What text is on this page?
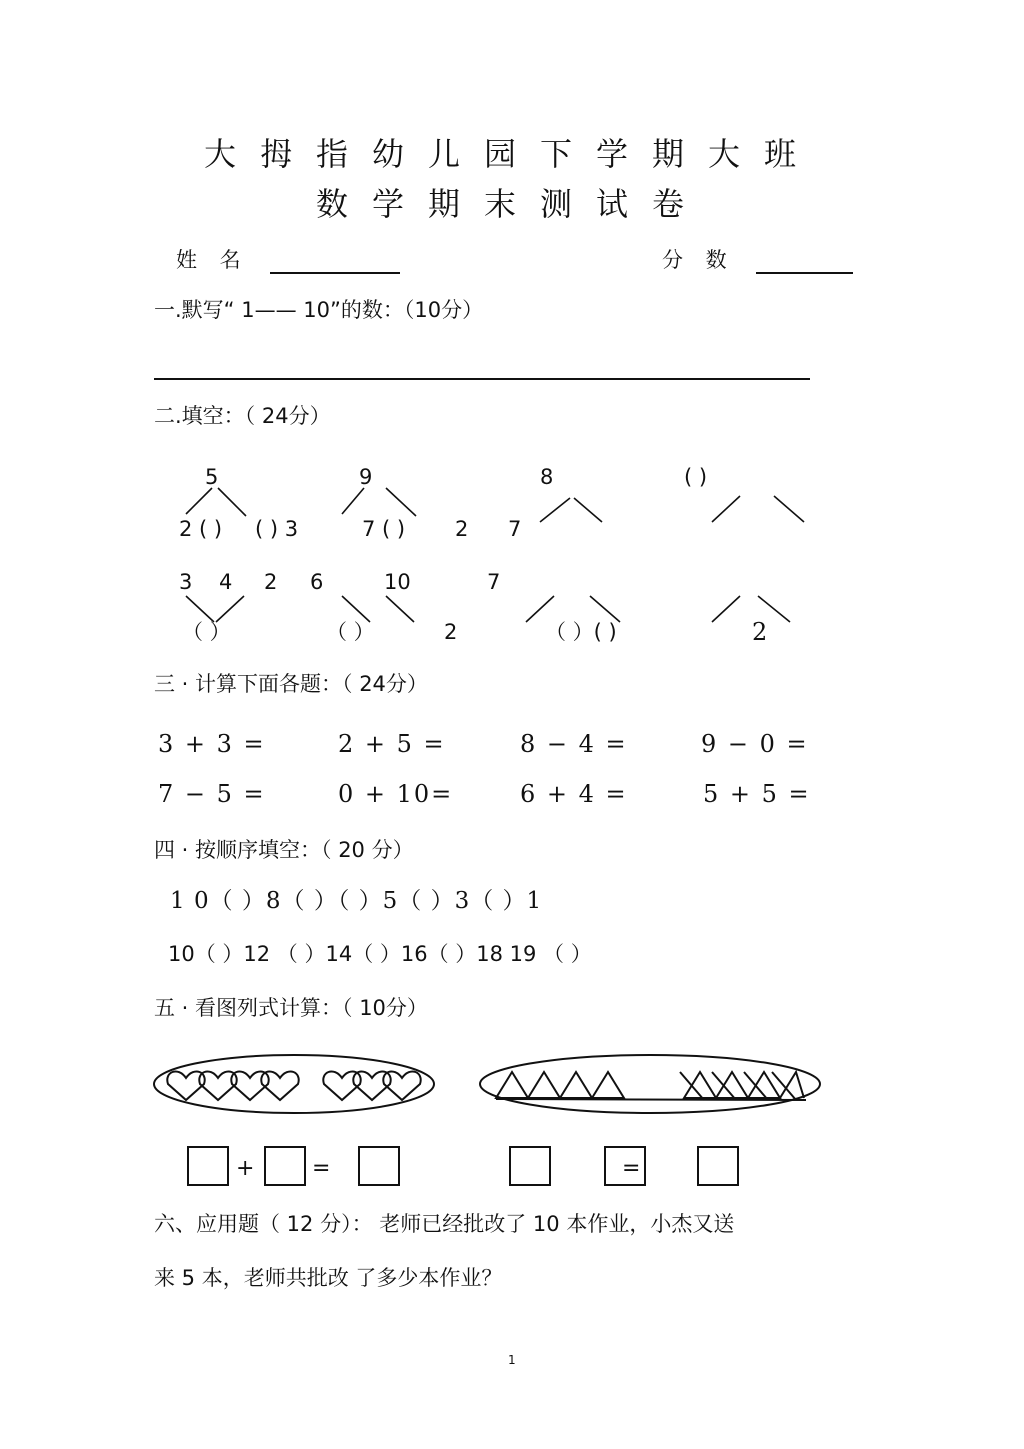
大拇指幼儿园下学期大班
数学期末测试卷
姓 名	分 数
一.默写“ 1—— 10”的数：（10分）
二.填空：（ 24分）
5
2 ( ) ( ) 3
9
7 ( ) 2
8
7
( )
3 4
（ ）
2 6
（ ）
10
2
7
（ ）( )	2
三 · 计算下面各题：（ 24分）
3 + 3 =	2 + 5 =	8 − 4 =	9 − 0 =
7 − 5 =	0 + 10=	6 + 4 =	5 + 5 =
四 · 按顺序填空：（ 20 分）
1 0（ ）8（ ）（ ）5（ ）3（ ）1
10（ ）12 （ ）14（ ）16（ ）18 19 （ ）
五 · 看图列式计算：（ 10分）
+	=	=
六、应用题（ 12 分）： 老师已经批改了 10 本作业，小杰又送
来 5 本，老师共批改 了多少本作业？
1
